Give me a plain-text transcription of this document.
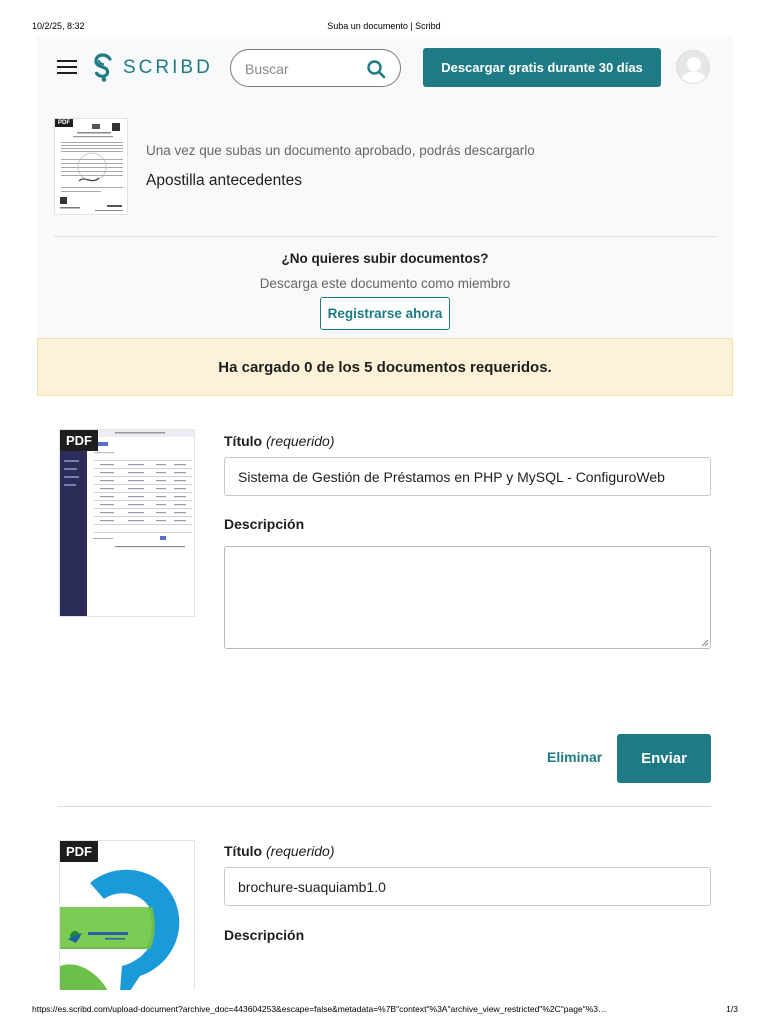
10/2/25, 8:32	Suba un documento | Scribd
SCRIBD
Buscar	Descargar gratis durante 30 días
PDF
Una vez que subas un documento aprobado, podrás descargarlo
Apostilla antecedentes
¿No quieres subir documentos?
Descarga este documento como miembro
Registrarse ahora
Ha cargado 0 de los 5 documentos requeridos.
PDF	Título (requerido)
Sistema de Gestión de Préstamos en PHP y MySQL - ConfiguroWeb
Descripción
Eliminar	Enviar
PDF	Título (requerido)
brochure-suaquiamb1.0
Descripción
https://es.scribd.com/upload-document?archive_doc=443604253&escape=false&metadata=%7B"context"%3A"archive_view_restricted"%2C"page"%3…	1/3
